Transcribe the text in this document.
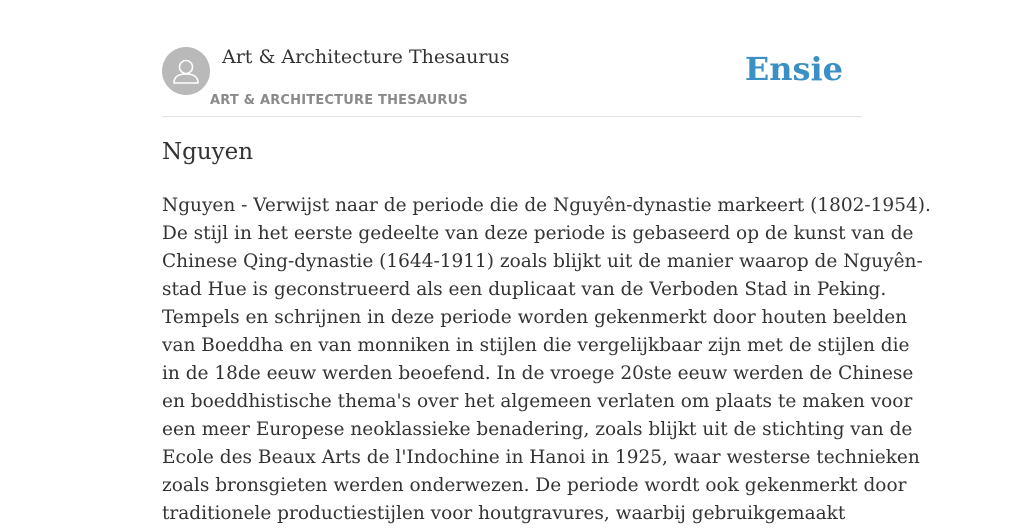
Art & Architecture Thesaurus
ART & ARCHITECTURE THESAURUS
Ensie
Nguyen
Nguyen - Verwijst naar de periode die de Nguyên-dynastie markeert (1802-1954).
De stijl in het eerste gedeelte van deze periode is gebaseerd op de kunst van de
Chinese Qing-dynastie (1644-1911) zoals blijkt uit de manier waarop de Nguyên-
stad Hue is geconstrueerd als een duplicaat van de Verboden Stad in Peking.
Tempels en schrijnen in deze periode worden gekenmerkt door houten beelden
van Boeddha en van monniken in stijlen die vergelijkbaar zijn met de stijlen die
in de 18de eeuw werden beoefend. In de vroege 20ste eeuw werden de Chinese
en boeddhistische thema's over het algemeen verlaten om plaats te maken voor
een meer Europese neoklassieke benadering, zoals blijkt uit de stichting van de
Ecole des Beaux Arts de l'Indochine in Hanoi in 1925, waar westerse technieken
zoals bronsgieten werden onderwezen. De periode wordt ook gekenmerkt door
traditionele productiestijlen voor houtgravures, waarbij gebruikgemaakt
